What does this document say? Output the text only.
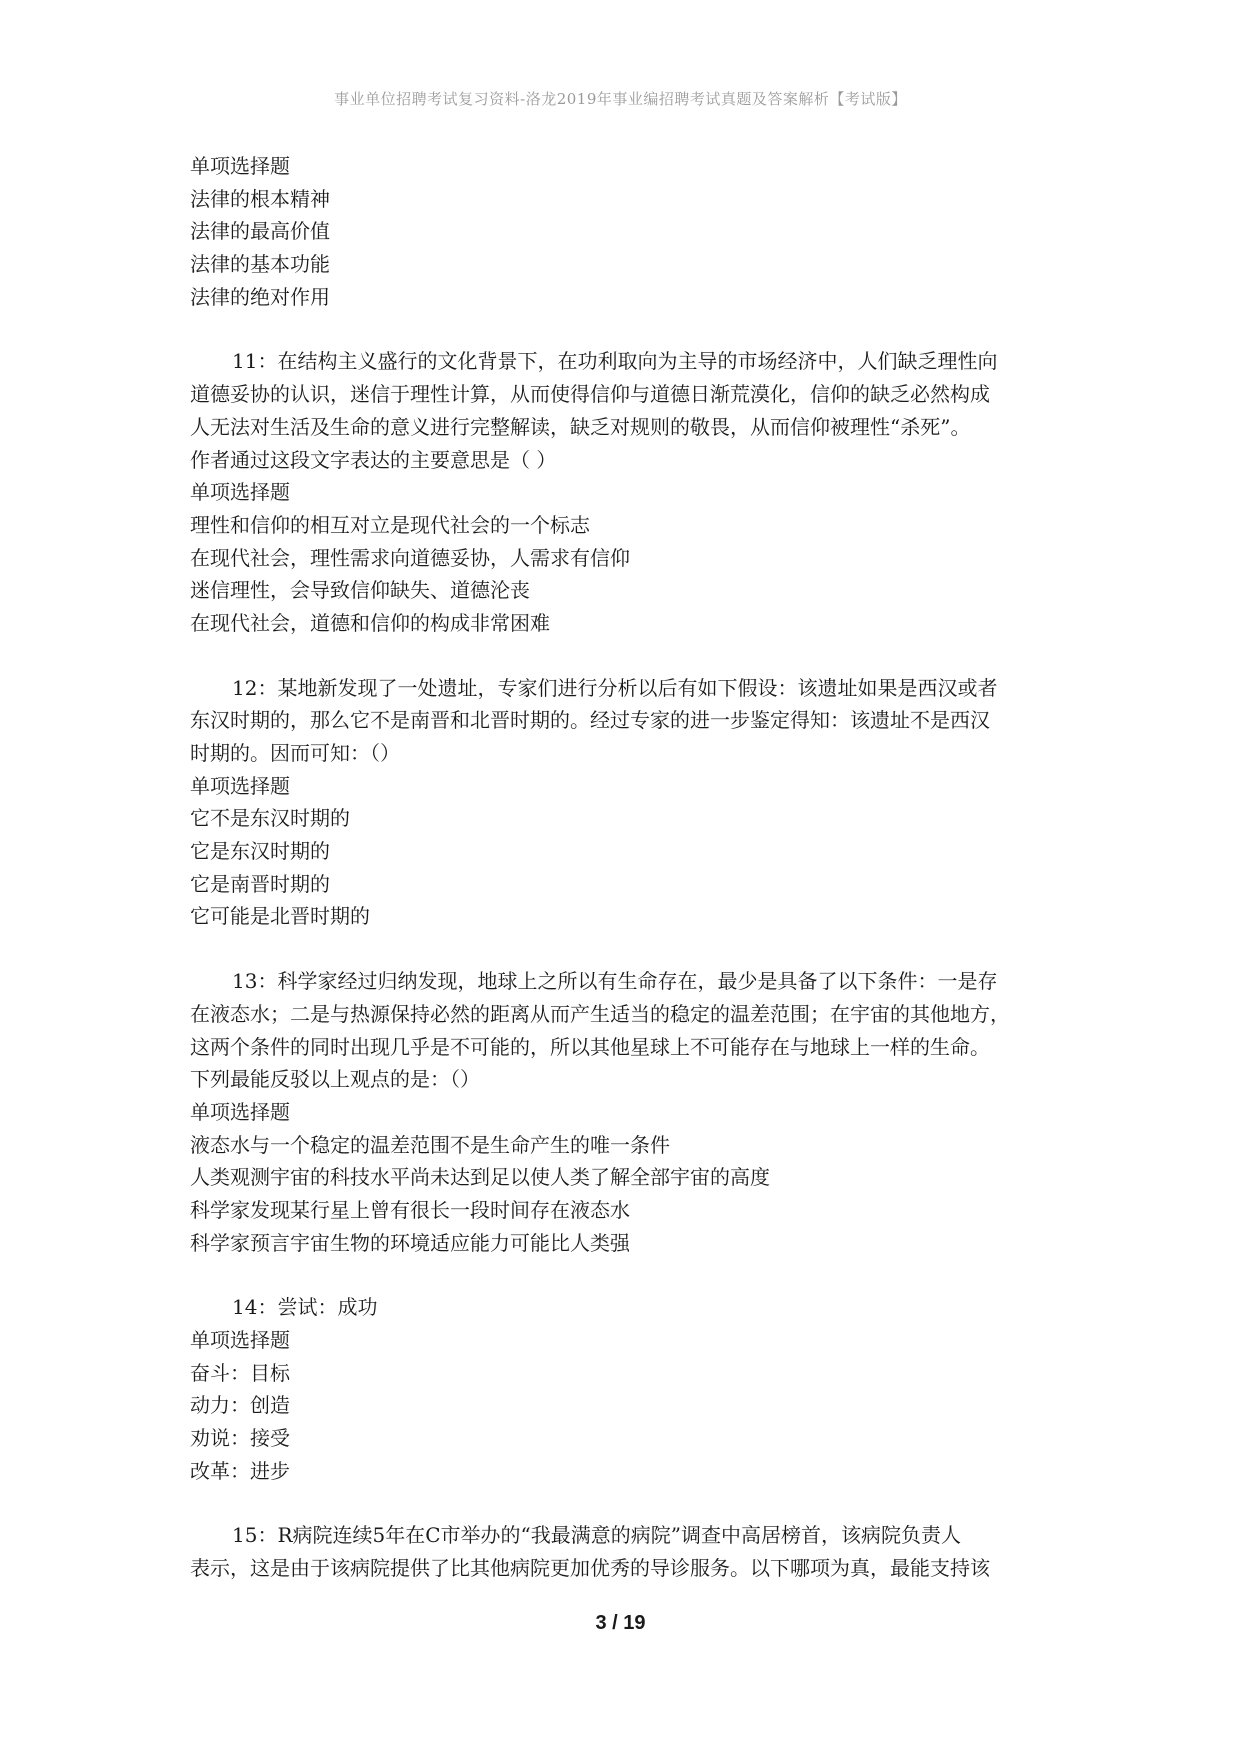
事业单位招聘考试复习资料-洛龙2019年事业编招聘考试真题及答案解析【考试版】
单项选择题
法律的根本精神
法律的最高价值
法律的基本功能
法律的绝对作用
11：在结构主义盛行的文化背景下，在功利取向为主导的市场经济中，人们缺乏理性向
道德妥协的认识，迷信于理性计算，从而使得信仰与道德日渐荒漠化，信仰的缺乏必然构成
人无法对生活及生命的意义进行完整解读，缺乏对规则的敬畏，从而信仰被理性“杀死”。
作者通过这段文字表达的主要意思是（ ）
单项选择题
理性和信仰的相互对立是现代社会的一个标志
在现代社会，理性需求向道德妥协，人需求有信仰
迷信理性，会导致信仰缺失、道德沦丧
在现代社会，道德和信仰的构成非常困难
12：某地新发现了一处遗址，专家们进行分析以后有如下假设：该遗址如果是西汉或者
东汉时期的，那么它不是南晋和北晋时期的。经过专家的进一步鉴定得知：该遗址不是西汉
时期的。因而可知：（）
单项选择题
它不是东汉时期的
它是东汉时期的
它是南晋时期的
它可能是北晋时期的
13：科学家经过归纳发现，地球上之所以有生命存在，最少是具备了以下条件：一是存
在液态水；二是与热源保持必然的距离从而产生适当的稳定的温差范围；在宇宙的其他地方，
这两个条件的同时出现几乎是不可能的，所以其他星球上不可能存在与地球上一样的生命。
下列最能反驳以上观点的是：（）
单项选择题
液态水与一个稳定的温差范围不是生命产生的唯一条件
人类观测宇宙的科技水平尚未达到足以使人类了解全部宇宙的高度
科学家发现某行星上曾有很长一段时间存在液态水
科学家预言宇宙生物的环境适应能力可能比人类强
14：尝试：成功
单项选择题
奋斗：目标
动力：创造
劝说：接受
改革：进步
15：R病院连续5年在C市举办的“我最满意的病院”调查中高居榜首，该病院负责人
表示，这是由于该病院提供了比其他病院更加优秀的导诊服务。以下哪项为真，最能支持该
3 / 19
